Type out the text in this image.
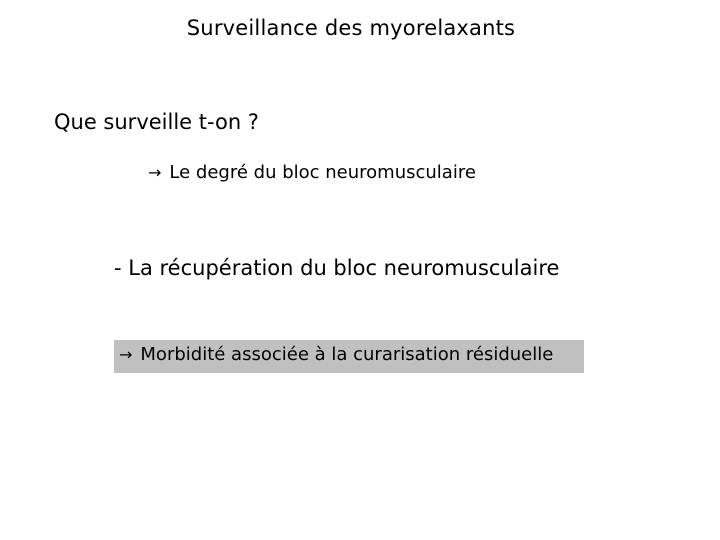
Surveillance des myorelaxants
Que surveille t-on ?
→ Le degré du bloc neuromusculaire
- La récupération du bloc neuromusculaire
→ Morbidité associée à la curarisation résiduelle
